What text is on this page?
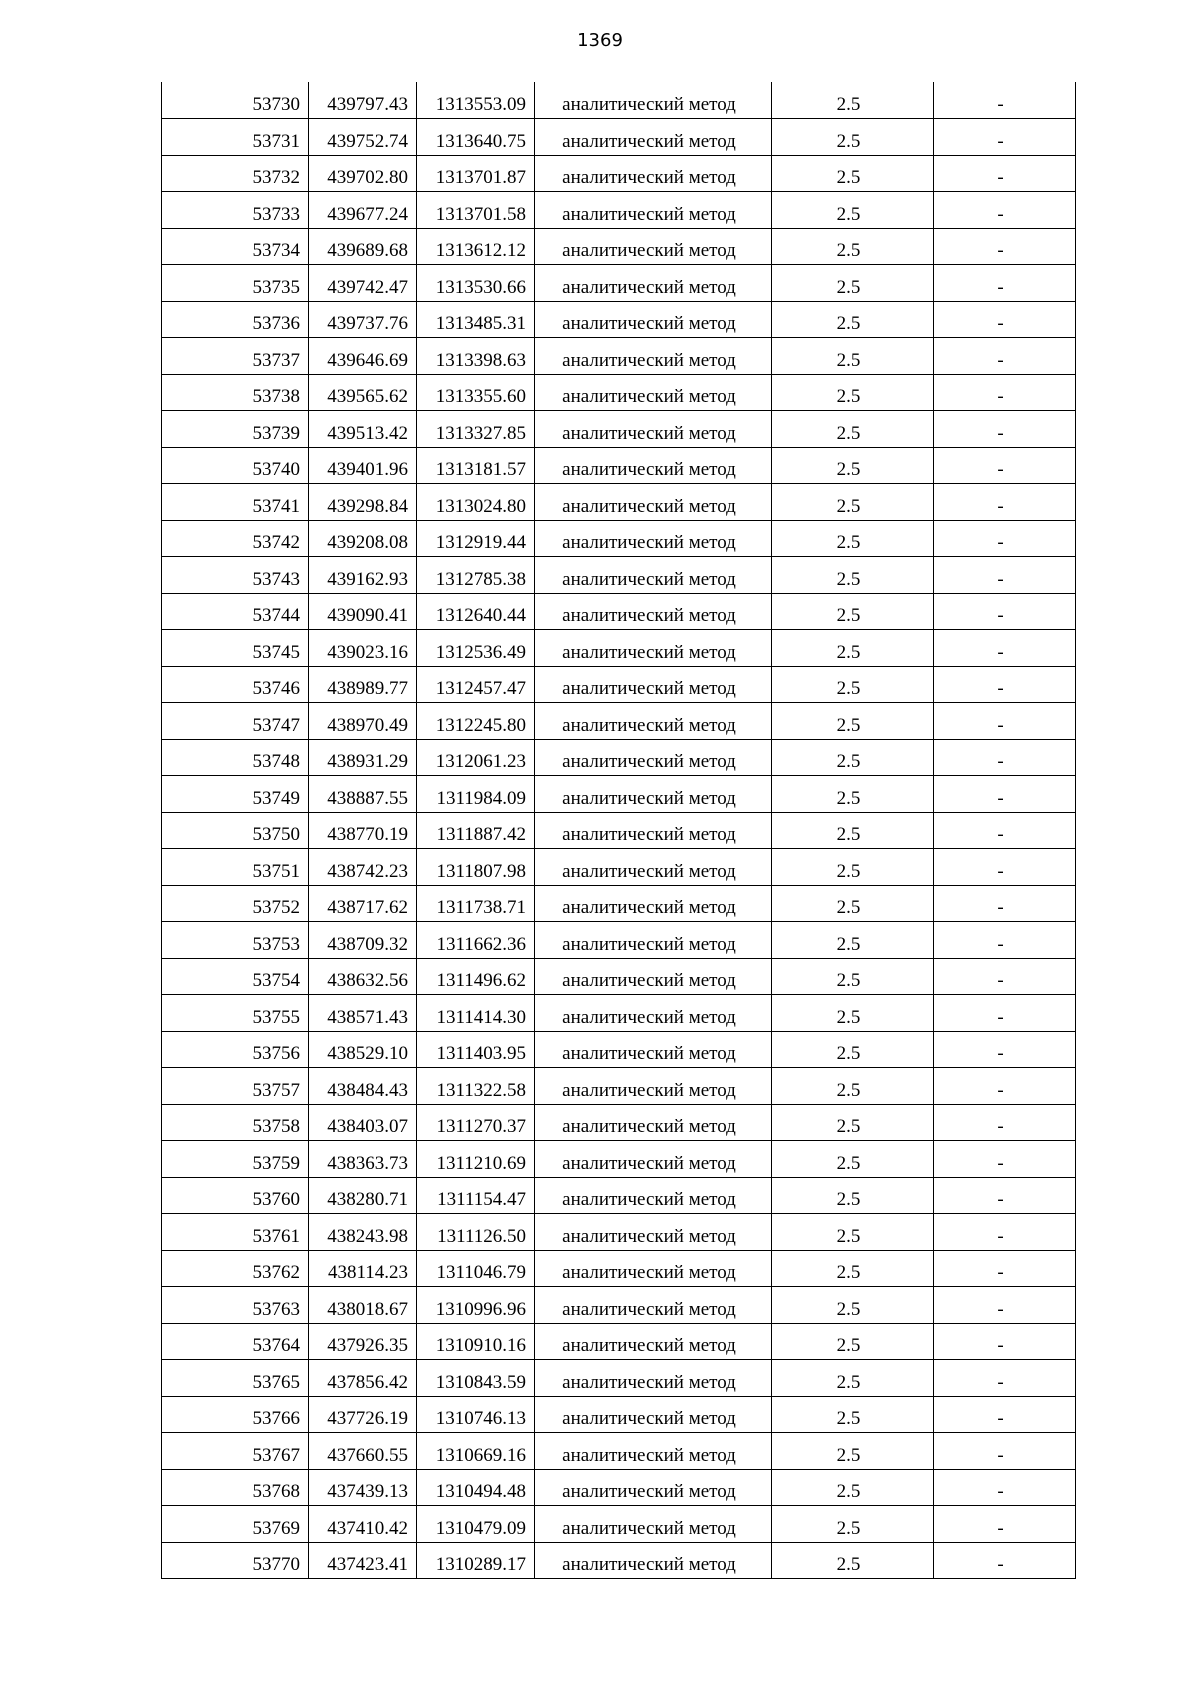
1369
53730	439797.43	1313553.09	аналитический метод	2.5	-
53731	439752.74	1313640.75	аналитический метод	2.5	-
53732	439702.80	1313701.87	аналитический метод	2.5	-
53733	439677.24	1313701.58	аналитический метод	2.5	-
53734	439689.68	1313612.12	аналитический метод	2.5	-
53735	439742.47	1313530.66	аналитический метод	2.5	-
53736	439737.76	1313485.31	аналитический метод	2.5	-
53737	439646.69	1313398.63	аналитический метод	2.5	-
53738	439565.62	1313355.60	аналитический метод	2.5	-
53739	439513.42	1313327.85	аналитический метод	2.5	-
53740	439401.96	1313181.57	аналитический метод	2.5	-
53741	439298.84	1313024.80	аналитический метод	2.5	-
53742	439208.08	1312919.44	аналитический метод	2.5	-
53743	439162.93	1312785.38	аналитический метод	2.5	-
53744	439090.41	1312640.44	аналитический метод	2.5	-
53745	439023.16	1312536.49	аналитический метод	2.5	-
53746	438989.77	1312457.47	аналитический метод	2.5	-
53747	438970.49	1312245.80	аналитический метод	2.5	-
53748	438931.29	1312061.23	аналитический метод	2.5	-
53749	438887.55	1311984.09	аналитический метод	2.5	-
53750	438770.19	1311887.42	аналитический метод	2.5	-
53751	438742.23	1311807.98	аналитический метод	2.5	-
53752	438717.62	1311738.71	аналитический метод	2.5	-
53753	438709.32	1311662.36	аналитический метод	2.5	-
53754	438632.56	1311496.62	аналитический метод	2.5	-
53755	438571.43	1311414.30	аналитический метод	2.5	-
53756	438529.10	1311403.95	аналитический метод	2.5	-
53757	438484.43	1311322.58	аналитический метод	2.5	-
53758	438403.07	1311270.37	аналитический метод	2.5	-
53759	438363.73	1311210.69	аналитический метод	2.5	-
53760	438280.71	1311154.47	аналитический метод	2.5	-
53761	438243.98	1311126.50	аналитический метод	2.5	-
53762	438114.23	1311046.79	аналитический метод	2.5	-
53763	438018.67	1310996.96	аналитический метод	2.5	-
53764	437926.35	1310910.16	аналитический метод	2.5	-
53765	437856.42	1310843.59	аналитический метод	2.5	-
53766	437726.19	1310746.13	аналитический метод	2.5	-
53767	437660.55	1310669.16	аналитический метод	2.5	-
53768	437439.13	1310494.48	аналитический метод	2.5	-
53769	437410.42	1310479.09	аналитический метод	2.5	-
53770	437423.41	1310289.17	аналитический метод	2.5	-
